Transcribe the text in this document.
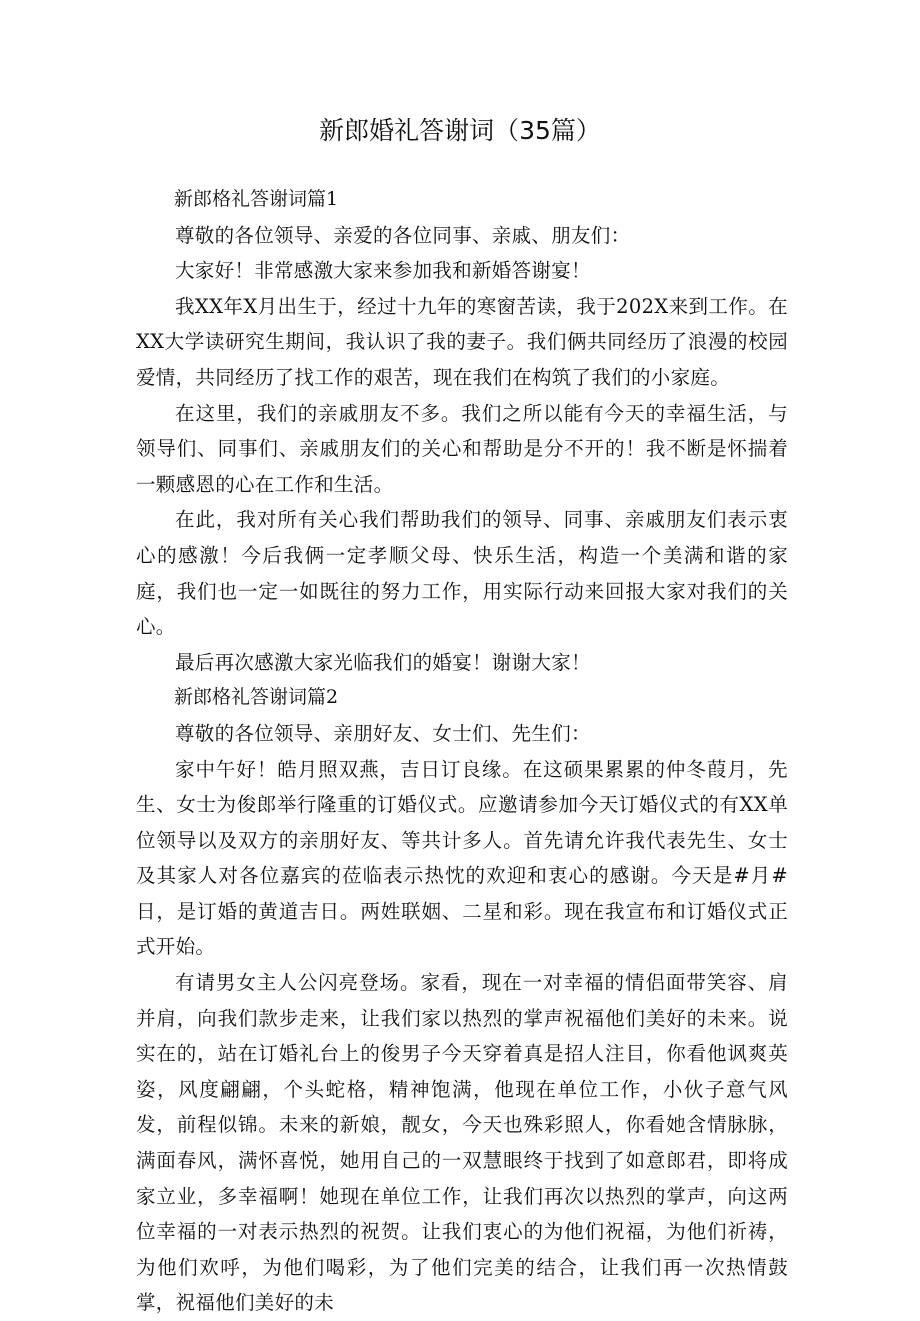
新郎婚礼答谢词（35篇）

新郎格礼答谢词篇1

尊敬的各位领导、亲爱的各位同事、亲戚、朋友们：

大家好！非常感激大家来参加我和新婚答谢宴！

我XX年X月出生于，经过十九年的寒窗苦读，我于202X来到工作。在XX大学读研究生期间，我认识了我的妻子。我们俩共同经历了浪漫的校园爱情，共同经历了找工作的艰苦，现在我们在构筑了我们的小家庭。

在这里，我们的亲戚朋友不多。我们之所以能有今天的幸福生活，与领导们、同事们、亲戚朋友们的关心和帮助是分不开的！我不断是怀揣着一颗感恩的心在工作和生活。

在此，我对所有关心我们帮助我们的领导、同事、亲戚朋友们表示衷心的感激！今后我俩一定孝顺父母、快乐生活，构造一个美满和谐的家庭，我们也一定一如既往的努力工作，用实际行动来回报大家对我们的关心。

最后再次感激大家光临我们的婚宴！谢谢大家！

新郎格礼答谢词篇2

尊敬的各位领导、亲朋好友、女士们、先生们：

家中午好！皓月照双燕，吉日订良缘。在这硕果累累的仲冬葭月，先生、女士为俊郎举行隆重的订婚仪式。应邀请参加今天订婚仪式的有XX单位领导以及双方的亲朋好友、等共计多人。首先请允许我代表先生、女士及其家人对各位嘉宾的莅临表示热忱的欢迎和衷心的感谢。今天是#月#日，是订婚的黄道吉日。两姓联姻、二星和彩。现在我宣布和订婚仪式正式开始。

有请男女主人公闪亮登场。家看，现在一对幸福的情侣面带笑容、肩并肩，向我们款步走来，让我们家以热烈的掌声祝福他们美好的未来。说实在的，站在订婚礼台上的俊男子今天穿着真是招人注目，你看他讽爽英姿，风度翩翩，个头蛇格，精神饱满，他现在单位工作，小伙子意气风发，前程似锦。未来的新娘，靓女，今天也殊彩照人，你看她含情脉脉，满面春风，满怀喜悦，她用自己的一双慧眼终于找到了如意郎君，即将成家立业，多幸福啊！她现在单位工作，让我们再次以热烈的掌声，向这两位幸福的一对表示热烈的祝贺。让我们衷心的为他们祝福，为他们祈祷，为他们欢呼，为他们喝彩，为了他们完美的结合，让我们再一次热情鼓掌，祝福他们美好的未
